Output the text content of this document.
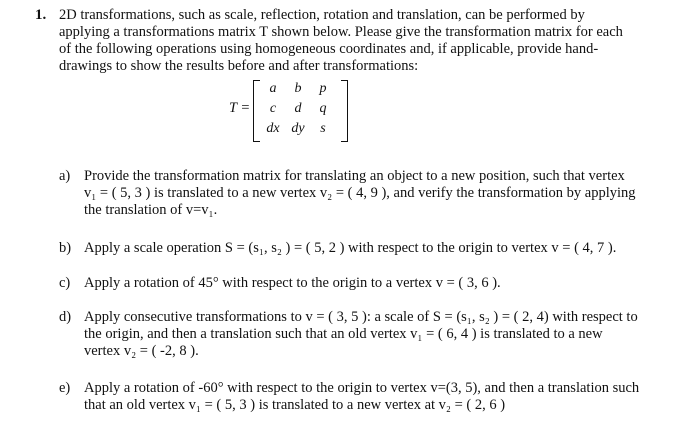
1. 2D transformations, such as scale, reflection, rotation and translation, can be performed by
applying a transformations matrix T shown below. Please give the transformation matrix for each
of the following operations using homogeneous coordinates and, if applicable, provide hand-
drawings to show the results before and after transformations:
T =
a	b	p
c	d	q
dx dy	s
a) Provide the transformation matrix for translating an object to a new position, such that vertex
v₁ = ( 5, 3 ) is translated to a new vertex v₂ = ( 4, 9 ), and verify the transformation by applying
the translation of v=v₁.
b) Apply a scale operation S = (s₁, s₂ ) = ( 5, 2 ) with respect to the origin to vertex v = ( 4, 7 ).
c) Apply a rotation of 45° with respect to the origin to a vertex v = ( 3, 6 ).
d) Apply consecutive transformations to v = ( 3, 5 ): a scale of S = (s₁, s₂ ) = ( 2, 4) with respect to
the origin, and then a translation such that an old vertex v₁ = ( 6, 4 ) is translated to a new
vertex v₂ = ( -2, 8 ).
e) Apply a rotation of -60° with respect to the origin to vertex v=(3, 5), and then a translation such
that an old vertex v₁ = ( 5, 3 ) is translated to a new vertex at v₂ = ( 2, 6 )
